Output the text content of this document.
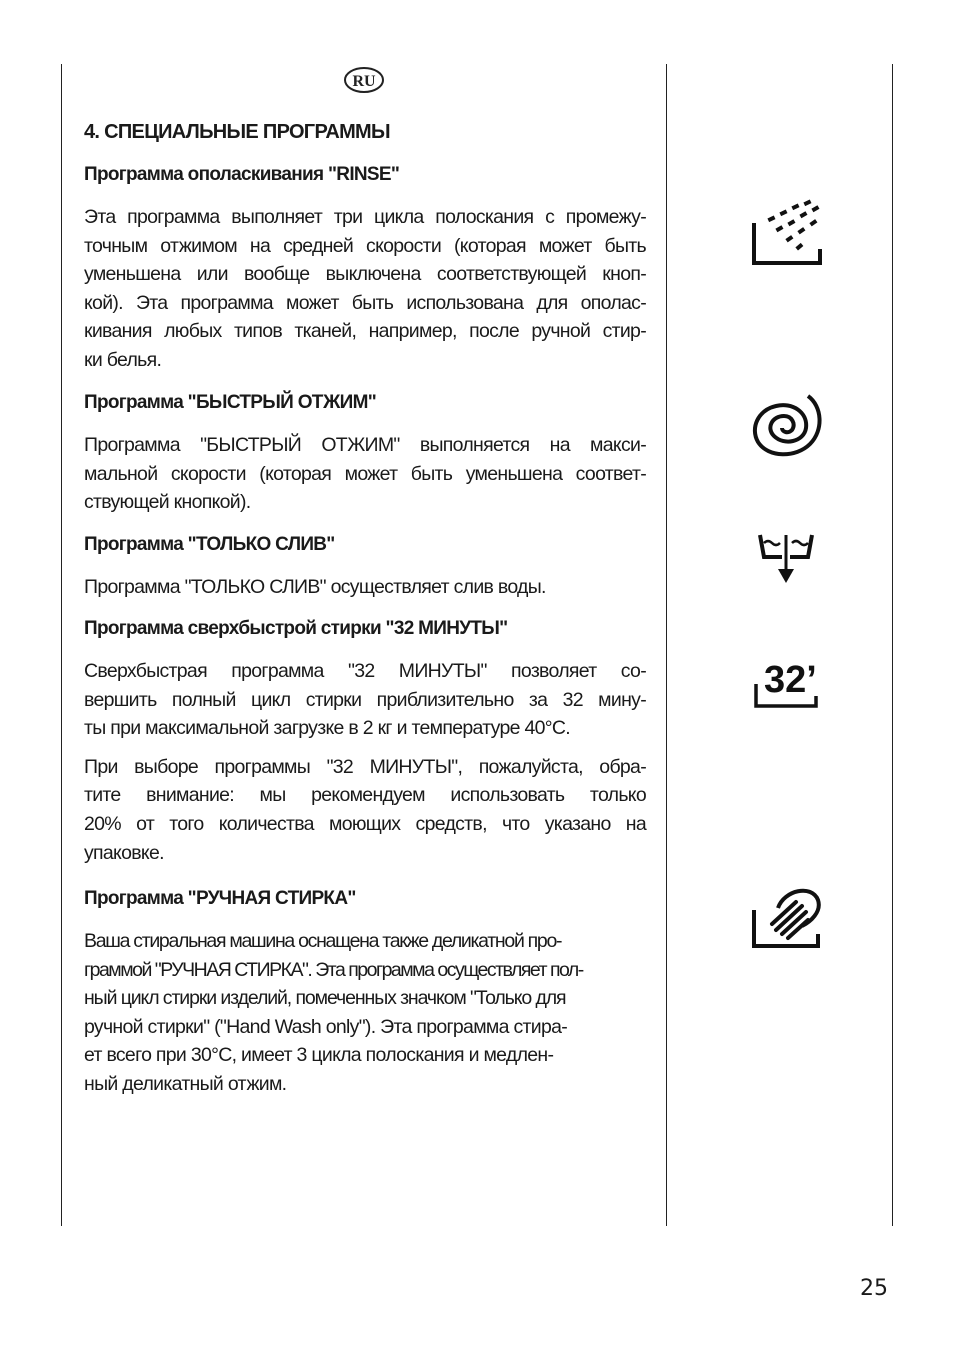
RU
4. СПЕЦИАЛЬНЫЕ ПРОГРАММЫ
Программа ополаскивания "RINSE"
Эта программа выполняет три цикла полоскания с промежу-
точным отжимом на средней скорости (которая может быть
уменьшена или вообще выключена соответствующей кноп-
кой). Эта программа может быть использована для ополас-
кивания любых типов тканей, например, после ручной стир-
ки белья.
Программа "БЫСТРЫЙ ОТЖИМ"
Программа "БЫСТРЫЙ ОТЖИМ" выполняется на макси-
мальной скорости (которая может быть уменьшена соответ-
ствующей кнопкой).
Программа "ТОЛЬКО СЛИВ"
Программа "ТОЛЬКО СЛИВ" осуществляет слив воды.
Программа сверхбыстрой стирки "32 МИНУТЫ"
Сверхбыстрая программа "32 МИНУТЫ" позволяет со-
вершить полный цикл стирки приблизительно за 32 мину-
ты при максимальной загрузке в 2 кг и температуре 40°С.
При выборе программы "32 МИНУТЫ", пожалуйста, обра-
тите внимание: мы рекомендуем использовать только
20% от того количества моющих средств, что указано на
упаковке.
Программа "РУЧНАЯ СТИРКА"
Ваша стиральная машина оснащена также деликатной про-
граммой "РУЧНАЯ СТИРКА". Эта программа осуществляет пол-
ный цикл стирки изделий, помеченных значком "Только для
ручной стирки" ("Hand Wash only"). Эта программа стира-
ет всего при 30°С, имеет 3 цикла полоскания и медлен-
ный деликатный отжим.
32’
25
